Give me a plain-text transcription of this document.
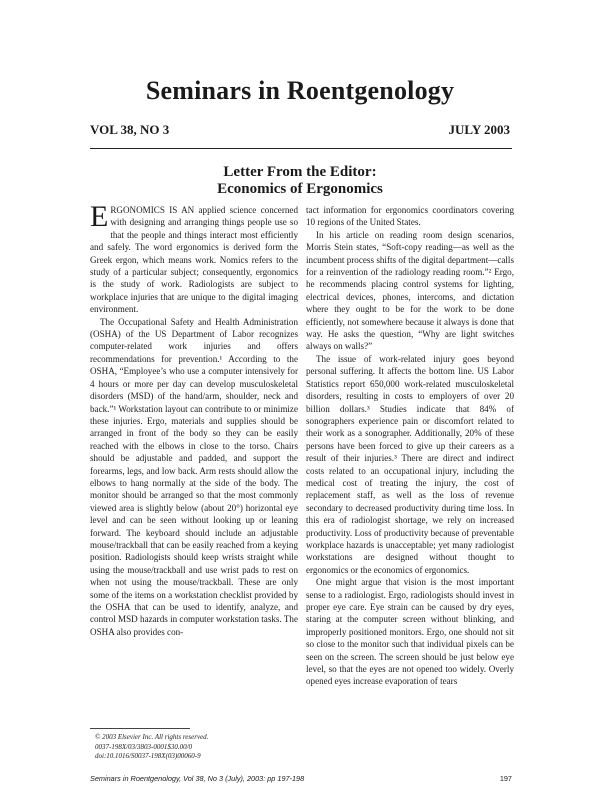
Seminars in Roentgenology
VOL 38, NO 3	JULY 2003
Letter From the Editor:
Economics of Ergonomics

ERGONOMICS IS AN applied science concerned with designing and arranging things people use so that the people and things interact most efficiently and safely. The word ergonomics is derived form the Greek ergon, which means work. Nomics refers to the study of a particular subject; consequently, ergonomics is the study of work. Radiologists are subject to workplace injuries that are unique to the digital imaging environment.

The Occupational Safety and Health Administration (OSHA) of the US Department of Labor recognizes computer-related work injuries and offers recommendations for prevention.¹ According to the OSHA, “Employee’s who use a computer intensively for 4 hours or more per day can develop musculoskeletal disorders (MSD) of the hand/arm, shoulder, neck and back.”¹ Workstation layout can contribute to or minimize these injuries. Ergo, materials and supplies should be arranged in front of the body so they can be easily reached with the elbows in close to the torso. Chairs should be adjustable and padded, and support the forearms, legs, and low back. Arm rests should allow the elbows to hang normally at the side of the body. The monitor should be arranged so that the most commonly viewed area is slightly below (about 20°) horizontal eye level and can be seen without looking up or leaning forward. The keyboard should include an adjustable mouse/trackball that can be easily reached from a keying position. Radiologists should keep wrists straight while using the mouse/trackball and use wrist pads to rest on when not using the mouse/trackball. These are only some of the items on a workstation checklist provided by the OSHA that can be used to identify, analyze, and control MSD hazards in computer workstation tasks. The OSHA also provides con-

tact information for ergonomics coordinators covering 10 regions of the United States.

In his article on reading room design scenarios, Morris Stein states, “Soft-copy reading—as well as the incumbent process shifts of the digital department—calls for a reinvention of the radiology reading room.”² Ergo, he recommends placing control systems for lighting, electrical devices, phones, intercoms, and dictation where they ought to be for the work to be done efficiently, not somewhere because it always is done that way. He asks the question, “Why are light switches always on walls?”

The issue of work-related injury goes beyond personal suffering. It affects the bottom line. US Labor Statistics report 650,000 work-related musculoskeletal disorders, resulting in costs to employers of over 20 billion dollars.³ Studies indicate that 84% of sonographers experience pain or discomfort related to their work as a sonographer. Additionally, 20% of these persons have been forced to give up their careers as a result of their injuries.³ There are direct and indirect costs related to an occupational injury, including the medical cost of treating the injury, the cost of replacement staff, as well as the loss of revenue secondary to decreased productivity during time loss. In this era of radiologist shortage, we rely on increased productivity. Loss of productivity because of preventable workplace hazards is unacceptable; yet many radiologist workstations are designed without thought to ergonomics or the economics of ergonomics.

One might argue that vision is the most important sense to a radiologist. Ergo, radiologists should invest in proper eye care. Eye strain can be caused by dry eyes, staring at the computer screen without blinking, and improperly positioned monitors. Ergo, one should not sit so close to the monitor such that individual pixels can be seen on the screen. The screen should be just below eye level, so that the eyes are not opened too widely. Overly opened eyes increase evaporation of tears

© 2003 Elsevier Inc. All rights reserved.
0037-198X/03/3803-0001$30.00/0
doi:10.1016/S0037-198X(03)00060-9
Seminars in Roentgenology, Vol 38, No 3 (July), 2003: pp 197-198	197
